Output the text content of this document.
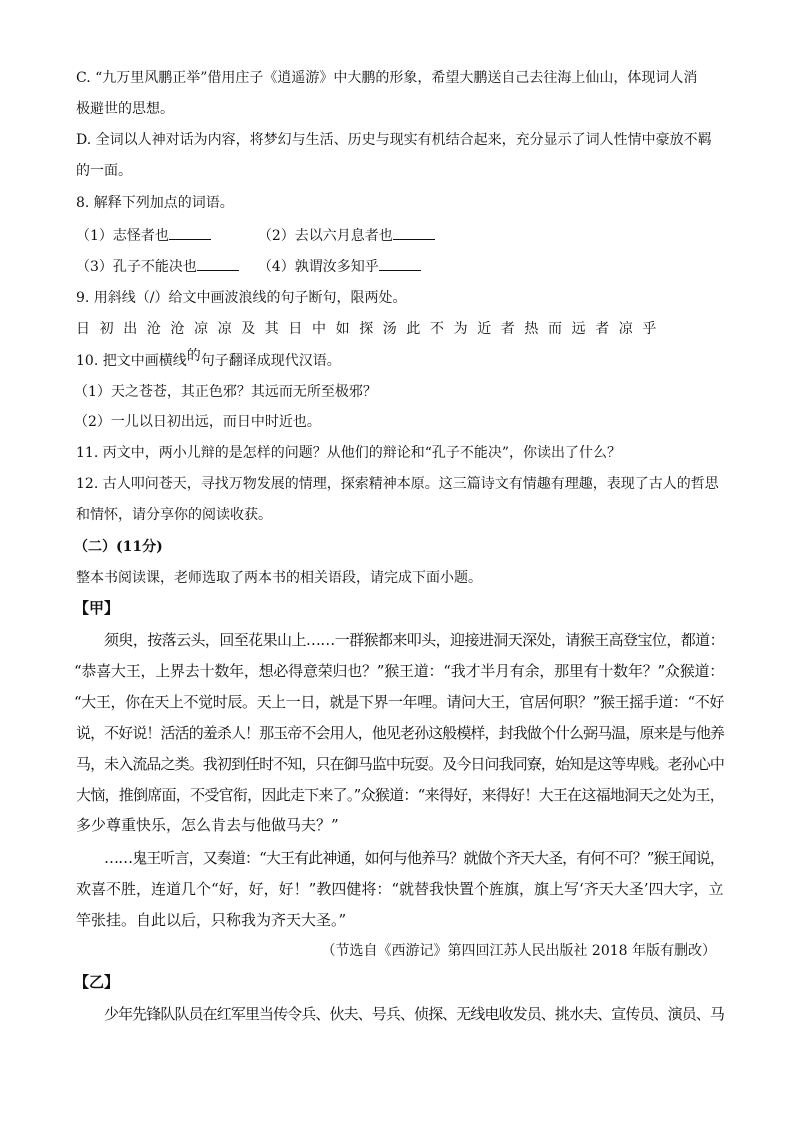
C. “九万里风鹏正举”借用庄子《逍遥游》中大鹏的形象，希望大鹏送自己去往海上仙山，体现词人消
极避世的思想。
D. 全词以人神对话为内容，将梦幻与生活、历史与现实有机结合起来，充分显示了词人性情中豪放不羁
的一面。
8. 解释下列加点的词语。
（1）志怪者也	（2）去以六月息者也
（3）孔子不能决也	（4）孰谓汝多知乎
9. 用斜线（/）给文中画波浪线的句子断句，限两处。
日初出沧沧凉凉及其日中如探汤此不为近者热而远者凉乎
10. 把文中画横线的句子翻译成现代汉语。
（1）天之苍苍，其正色邪？其远而无所至极邪？
（2）一儿以日初出远，而日中时近也。
11. 丙文中，两小儿辩的是怎样的问题？从他们的辩论和“孔子不能决”，你读出了什么？
12. 古人叩问苍天，寻找万物发展的情理，探索精神本原。这三篇诗文有情趣有理趣，表现了古人的哲思
和情怀，请分享你的阅读收获。
（二）(11分)
整本书阅读课，老师选取了两本书的相关语段，请完成下面小题。
【甲】
须臾，按落云头，回至花果山上……一群猴都来叩头，迎接进洞天深处，请猴王高登宝位，都道：
“恭喜大王，上界去十数年，想必得意荣归也？”猴王道：“我才半月有余，那里有十数年？”众猴道：
“大王，你在天上不觉时辰。天上一日，就是下界一年哩。请问大王，官居何职？”猴王摇手道：“不好
说，不好说！活活的羞杀人！那玉帝不会用人，他见老孙这般模样，封我做个什么弼马温，原来是与他养
马，未入流品之类。我初到任时不知，只在御马监中玩耍。及今日问我同寮，始知是这等卑贱。老孙心中
大恼，推倒席面，不受官衔，因此走下来了。”众猴道：“来得好，来得好！大王在这福地洞天之处为王，
多少尊重快乐，怎么肯去与他做马夫？”
……鬼王听言，又奏道：“大王有此神通，如何与他养马？就做个齐天大圣，有何不可？”猴王闻说，
欢喜不胜，连道几个“好，好，好！”教四健将：“就替我快置个旌旗，旗上写‘齐天大圣’四大字，立
竿张挂。自此以后，只称我为齐天大圣。”
（节选自《西游记》第四回江苏人民出版社 2018 年版有删改）
【乙】
少年先锋队队员在红军里当传令兵、伙夫、号兵、侦探、无线电收发员、挑水夫、宣传员、演员、马
